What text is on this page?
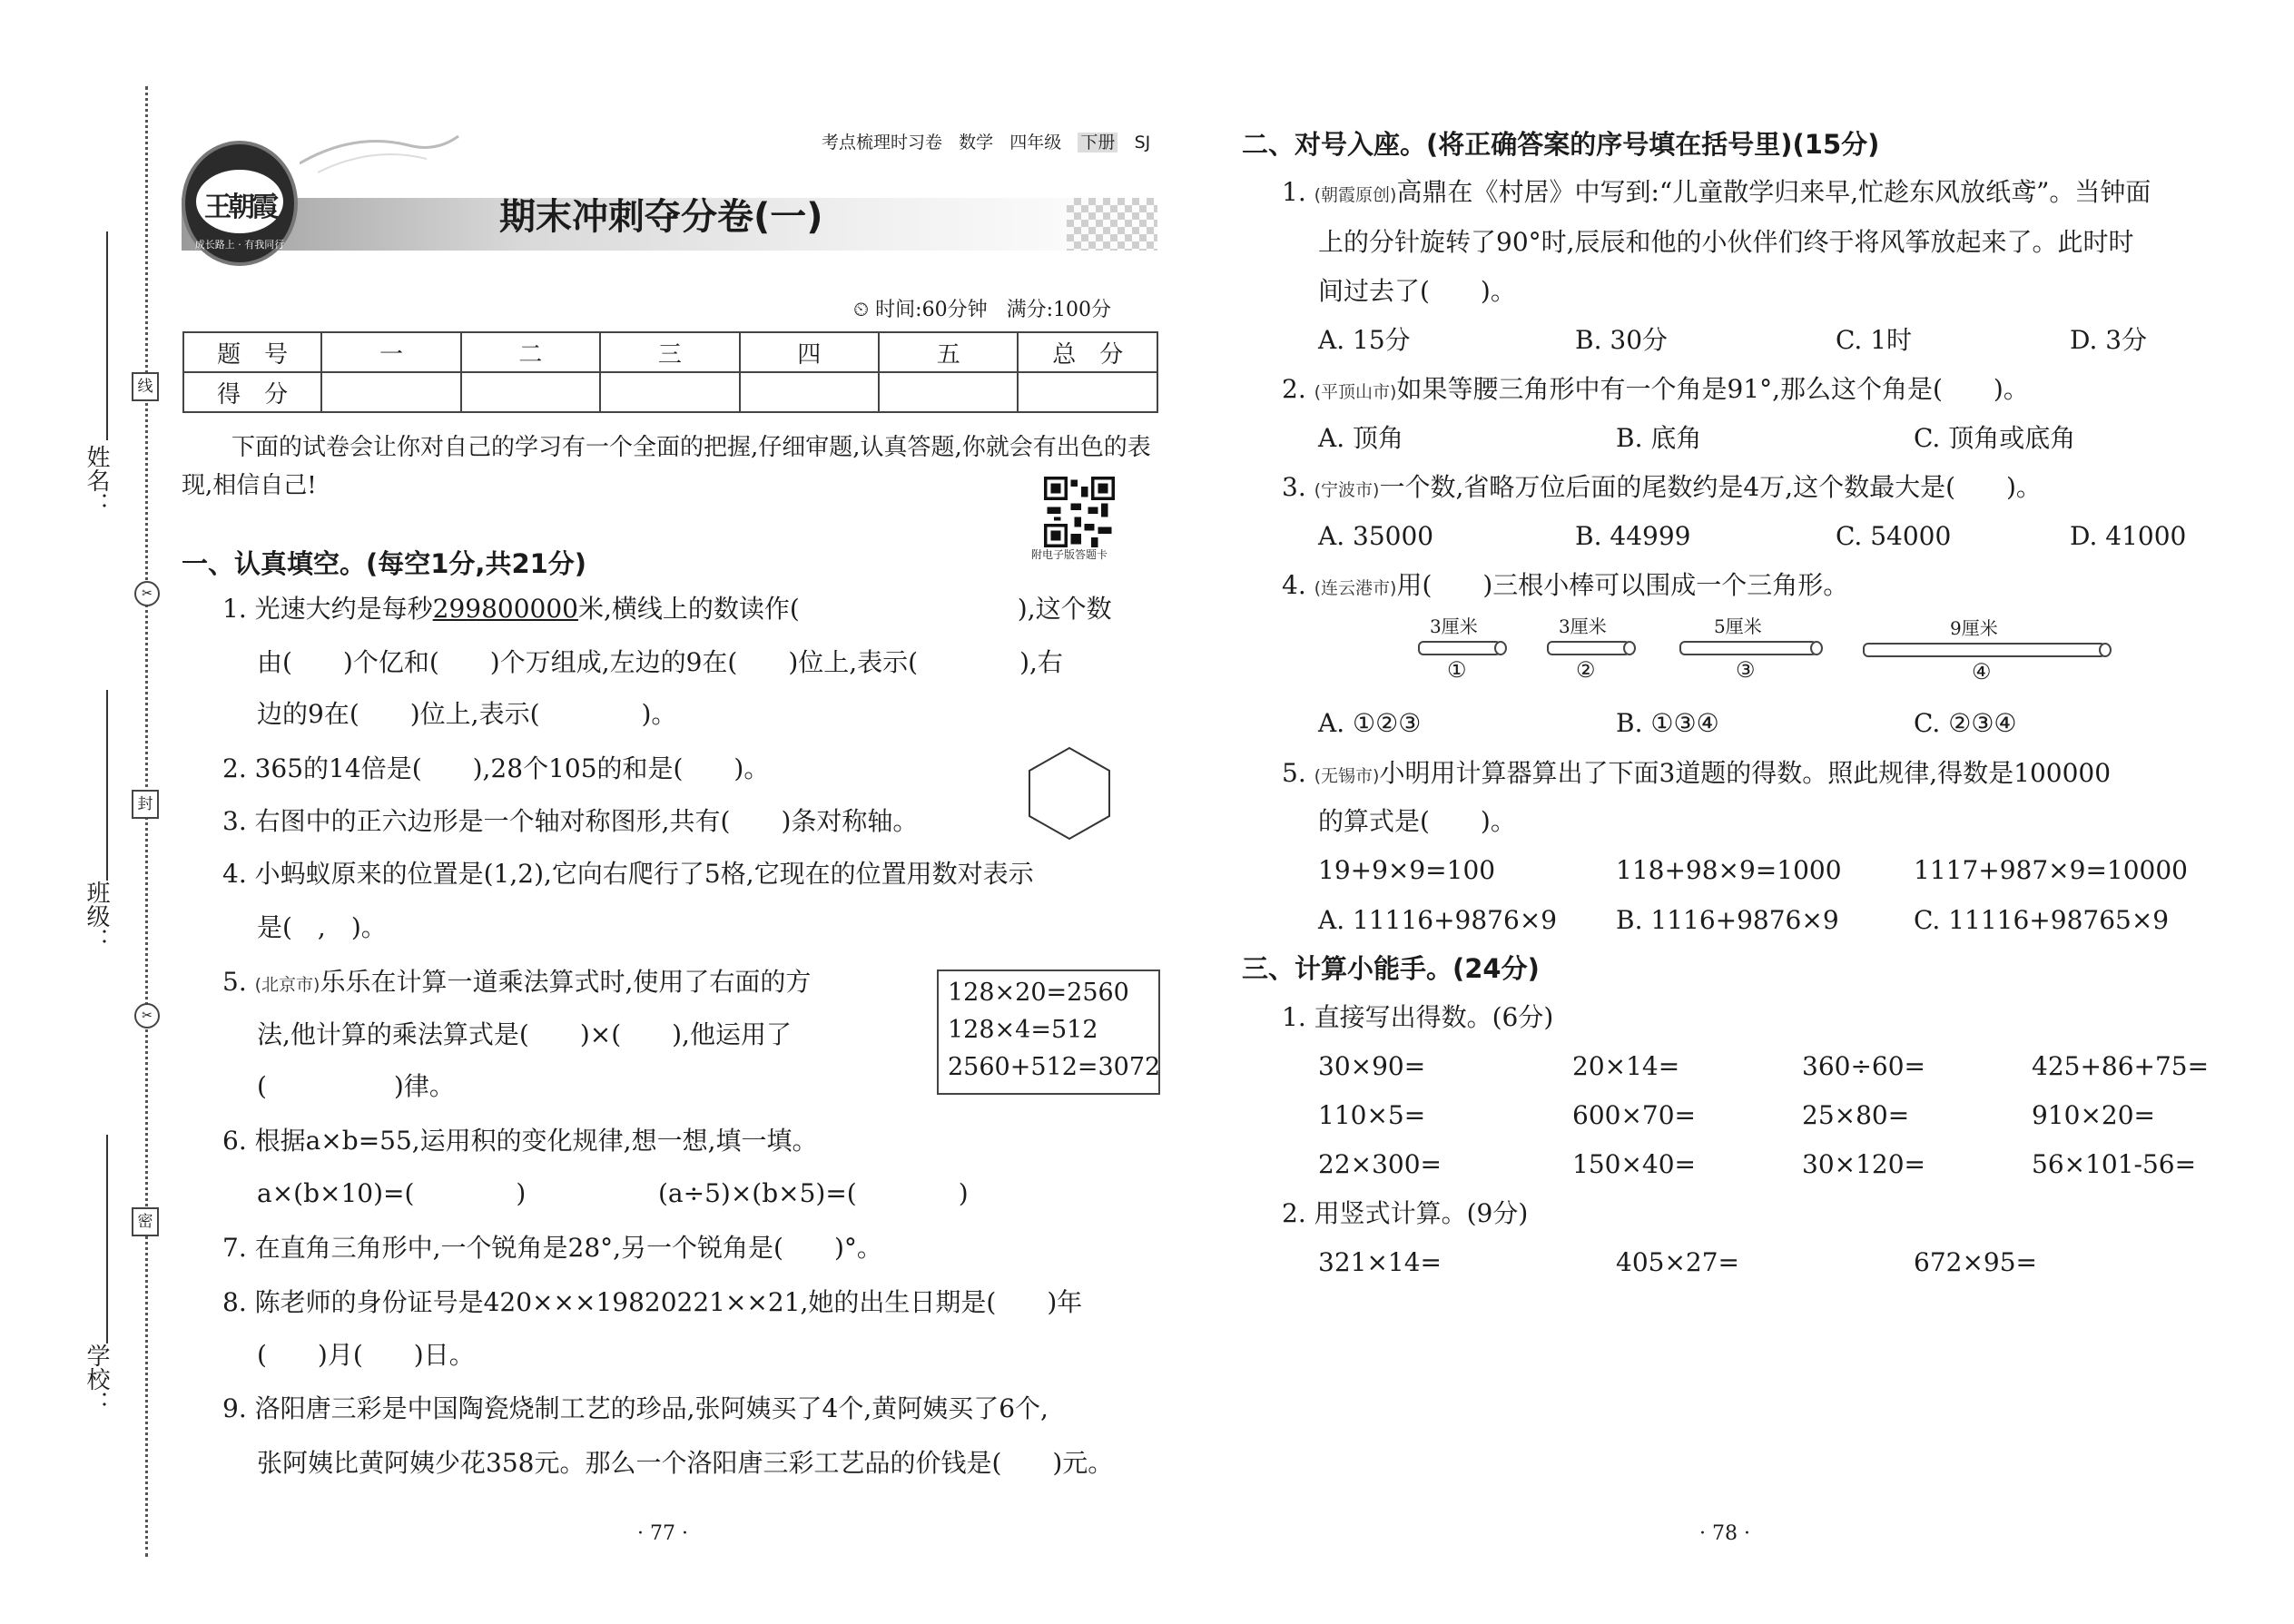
姓名：
班级：
学校：
线
✂
封
✂
密
王朝霞
成长路上 · 有我同行
考点梳理时习卷 数学 四年级 下册 SJ
期末冲刺夺分卷(一)
⏲ 时间:60分钟 满分:100分
题　号	一	二	三	四	五	总　分
得　分						
下面的试卷会让你对自己的学习有一个全面的把握,仔细审题,认真答题,你就会有出色的表
现,相信自己!
附电子版答题卡
一、认真填空。(每空1分,共21分)
1. 光速大约是每秒299800000米,横线上的数读作(	),这个数
由(　　)个亿和(　　)个万组成,左边的9在(　　)位上,表示(　　　　),右
边的9在(　　)位上,表示(　　　　)。
2. 365的14倍是(　　),28个105的和是(　　)。
3. 右图中的正六边形是一个轴对称图形,共有(　　)条对称轴。
4. 小蚂蚁原来的位置是(1,2),它向右爬行了5格,它现在的位置用数对表示
是(　,　)。
5. (北京市)乐乐在计算一道乘法算式时,使用了右面的方
法,他计算的乘法算式是(　　)×(　　),他运用了
(　　　　　)律。
128×20=2560
128×4=512
2560+512=3072
6. 根据a×b=55,运用积的变化规律,想一想,填一填。
a×(b×10)=(　　　　)	(a÷5)×(b×5)=(　　　　)
7. 在直角三角形中,一个锐角是28°,另一个锐角是(　　)°。
8. 陈老师的身份证号是420×××19820221××21,她的出生日期是(　　)年
(　　)月(　　)日。
9. 洛阳唐三彩是中国陶瓷烧制工艺的珍品,张阿姨买了4个,黄阿姨买了6个,
张阿姨比黄阿姨少花358元。那么一个洛阳唐三彩工艺品的价钱是(　　)元。
· 77 ·
二、对号入座。(将正确答案的序号填在括号里)(15分)
1. (朝霞原创)高鼎在《村居》中写到:“儿童散学归来早,忙趁东风放纸鸢”。当钟面
上的分针旋转了90°时,辰辰和他的小伙伴们终于将风筝放起来了。此时时
间过去了(　　)。
A. 15分	B. 30分	C. 1时	D. 3分
2. (平顶山市)如果等腰三角形中有一个角是91°,那么这个角是(　　)。
A. 顶角	B. 底角	C. 顶角或底角
3. (宁波市)一个数,省略万位后面的尾数约是4万,这个数最大是(　　)。
A. 35000	B. 44999	C. 54000	D. 41000
4. (连云港市)用(　　)三根小棒可以围成一个三角形。
3厘米
①
3厘米
②
5厘米
③
9厘米
④
A. ①②③	B. ①③④	C. ②③④
5. (无锡市)小明用计算器算出了下面3道题的得数。照此规律,得数是100000
的算式是(　　)。
19+9×9=100	118+98×9=1000	1117+987×9=10000
A. 11116+9876×9 B. 1116+9876×9	C. 11116+98765×9
三、计算小能手。(24分)
1. 直接写出得数。(6分)
30×90=	20×14=	360÷60=	425+86+75=
110×5=	600×70=	25×80=	910×20=
22×300=	150×40=	30×120=	56×101-56=
2. 用竖式计算。(9分)
321×14=	405×27=	672×95=
· 78 ·
